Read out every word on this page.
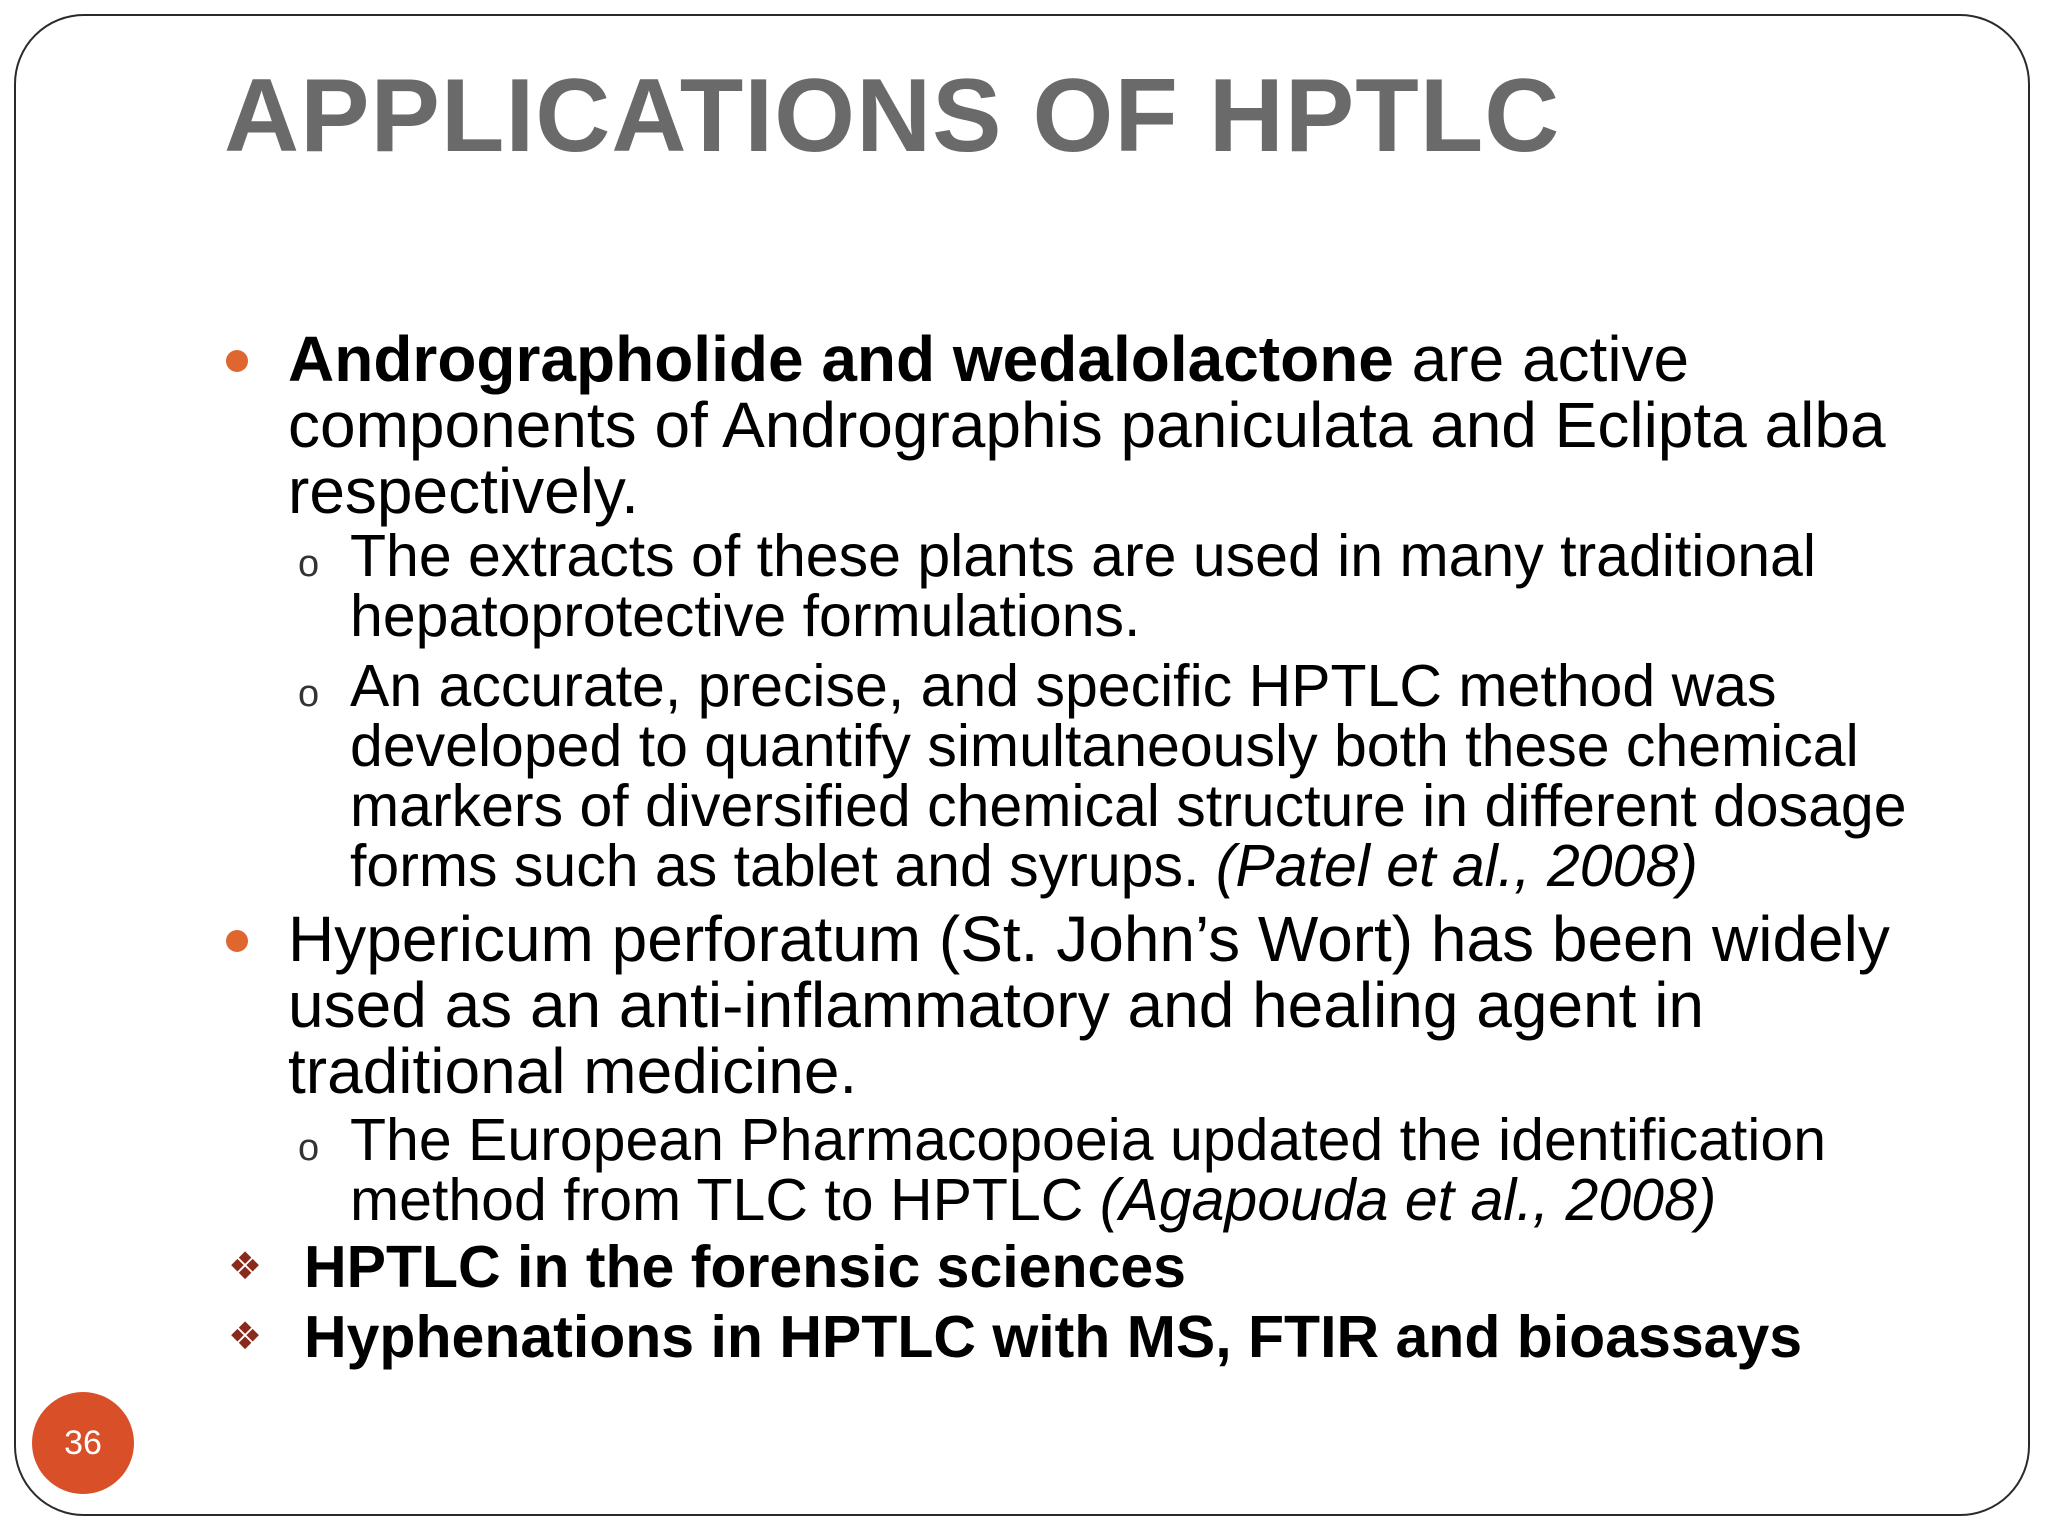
APPLICATIONS OF HPTLC
Andrographolide and wedalolactone are active components of Andrographis paniculata and Eclipta alba respectively.
o The extracts of these plants are used in many traditional hepatoprotective formulations.
o An accurate, precise, and specific HPTLC method was developed to quantify simultaneously both these chemical markers of diversified chemical structure in different dosage forms such as tablet and syrups. (Patel et al., 2008)
Hypericum perforatum (St. John’s Wort) has been widely used as an anti-inflammatory and healing agent in traditional medicine.
o The European Pharmacopoeia updated the identification method from TLC to HPTLC (Agapouda et al., 2008)
❖ HPTLC in the forensic sciences
❖ Hyphenations in HPTLC with MS, FTIR and bioassays
36
